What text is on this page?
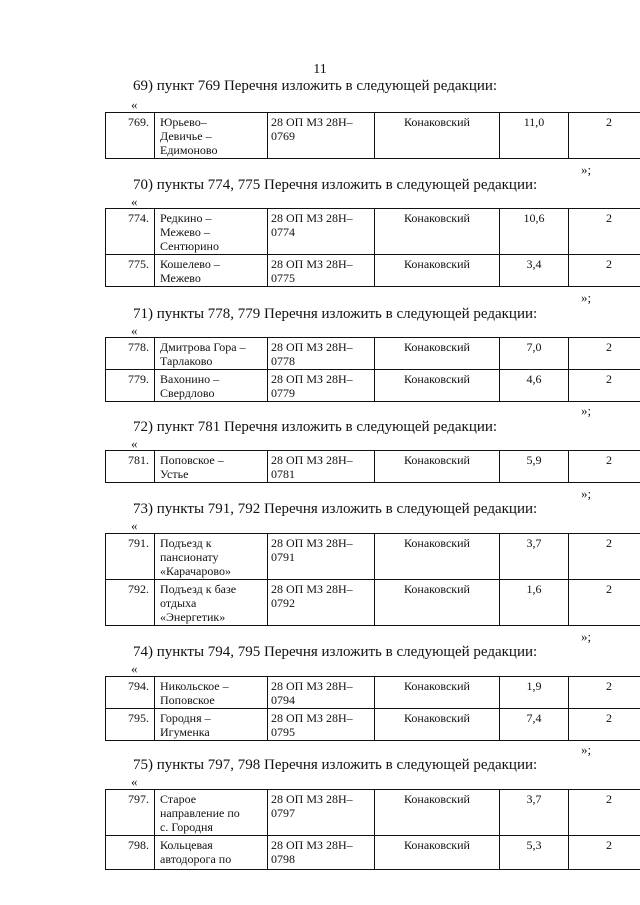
11
69) пункт 769 Перечня изложить в следующей редакции:
«
769.	Юрьево–
Девичье –
Едимоново

28 ОП МЗ 28Н–
0769
	Конаковский	11,0	2
»;
70) пункты 774, 775 Перечня изложить в следующей редакции:
«
774.	Редкино –
Межево –
Сентюрино	28 ОП МЗ 28Н–
0774	Конаковский	10,6	2
775.	Кошелево –
Межево	28 ОП МЗ 28Н–
0775	Конаковский	3,4	2
»;
71) пункты 778, 779 Перечня изложить в следующей редакции:
«
778.	Дмитрова Гора –
Тарлаково	28 ОП МЗ 28Н–
0778	Конаковский	7,0	2
779.	Вахонино –
Свердлово	28 ОП МЗ 28Н–
0779	Конаковский	4,6	2
»;
72) пункт 781 Перечня изложить в следующей редакции:
«
781.	Поповское –
Устье

28 ОП МЗ 28Н–
0781
	Конаковский	5,9	2
»;
73) пункты 791, 792 Перечня изложить в следующей редакции:
«
791.	Подъезд к
пансионату
«Карачарово»	28 ОП МЗ 28Н–
0791	Конаковский	3,7	2
792.	Подъезд к базе
отдыха
«Энергетик»	28 ОП МЗ 28Н–
0792	Конаковский	1,6	2
»;
74) пункты 794, 795 Перечня изложить в следующей редакции:
«
794.	Никольское –
Поповское	28 ОП МЗ 28Н–
0794	Конаковский	1,9	2
795.	Городня –
Игуменка	28 ОП МЗ 28Н–
0795	Конаковский	7,4	2
»;
75) пункты 797, 798 Перечня изложить в следующей редакции:
«
797.	Старое
направление по
с. Городня	28 ОП МЗ 28Н–
0797	Конаковский	3,7	2
798.	Кольцевая
автодорога по	28 ОП МЗ 28Н–
0798	Конаковский	5,3	2
